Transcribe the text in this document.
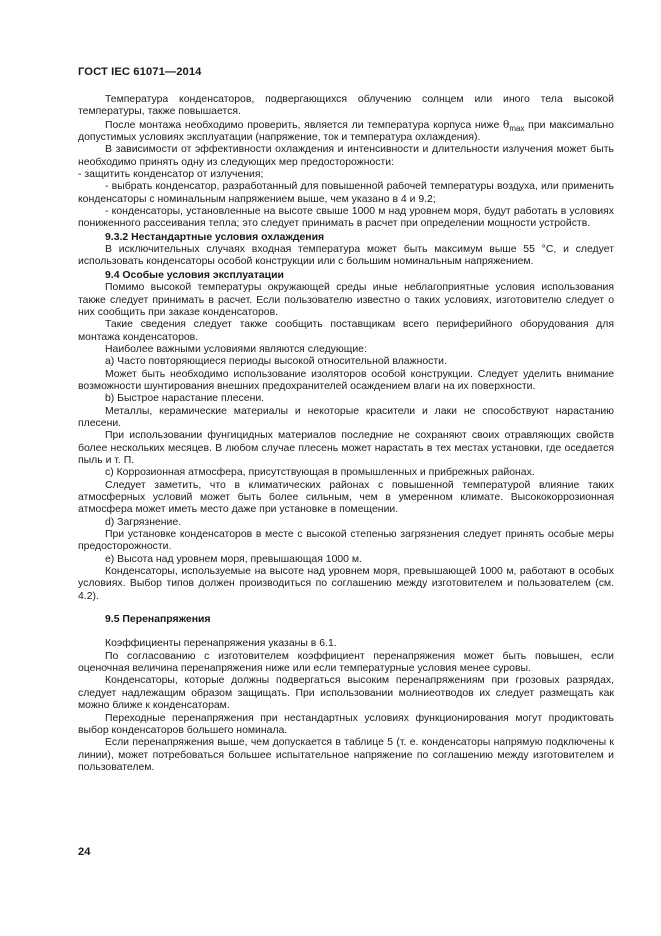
ГОСТ IEC 61071—2014

Температура конденсаторов, подвергающихся облучению солнцем или иного тела высокой температуры, также повышается.

После монтажа необходимо проверить, является ли температура корпуса ниже $\theta_{max}$ при максимально допустимых условиях эксплуатации (напряжение, ток и температура охлаждения).

В зависимости от эффективности охлаждения и интенсивности и длительности излучения может быть необходимо принять одну из следующих мер предосторожности:

- защитить конденсатор от излучения;

- выбрать конденсатор, разработанный для повышенной рабочей температуры воздуха, или применить конденсаторы с номинальным напряжением выше, чем указано в 4 и 9.2;

- конденсаторы, установленные на высоте свыше 1000 м над уровнем моря, будут работать в условиях пониженного рассеивания тепла; это следует принимать в расчет при определении мощности устройств.

9.3.2 Нестандартные условия охлаждения

В исключительных случаях входная температура может быть максимум выше 55 °С, и следует использовать конденсаторы особой конструкции или с большим номинальным напряжением.

9.4 Особые условия эксплуатации

Помимо высокой температуры окружающей среды иные неблагоприятные условия использования также следует принимать в расчет. Если пользователю известно о таких условиях, изготовителю следует о них сообщить при заказе конденсаторов.

Такие сведения следует также сообщить поставщикам всего периферийного оборудования для монтажа конденсаторов.

Наиболее важными условиями являются следующие:

а) Часто повторяющиеся периоды высокой относительной влажности.

Может быть необходимо использование изоляторов особой конструкции. Следует уделить внимание возможности шунтирования внешних предохранителей осаждением влаги на их поверхности.

b) Быстрое нарастание плесени.

Металлы, керамические материалы и некоторые красители и лаки не способствуют нарастанию плесени.

При использовании фунгицидных материалов последние не сохраняют своих отравляющих свойств более нескольких месяцев. В любом случае плесень может нарастать в тех местах установки, где оседается пыль и т. П.

с) Коррозионная атмосфера, присутствующая в промышленных и прибрежных районах.

Следует заметить, что в климатических районах с повышенной температурой влияние таких атмосферных условий может быть более сильным, чем в умеренном климате. Высококоррозионная атмосфера может иметь место даже при установке в помещении.

d) Загрязнение.

При установке конденсаторов в месте с высокой степенью загрязнения следует принять особые меры предосторожности.

е) Высота над уровнем моря, превышающая 1000 м.

Конденсаторы, используемые на высоте над уровнем моря, превышающей 1000 м, работают в особых условиях. Выбор типов должен производиться по соглашению между изготовителем и пользователем (см. 4.2).

9.5 Перенапряжения

Коэффициенты перенапряжения указаны в 6.1.

По согласованию с изготовителем коэффициент перенапряжения может быть повышен, если оценочная величина перенапряжения ниже или если температурные условия менее суровы.

Конденсаторы, которые должны подвергаться высоким перенапряжениям при грозовых разрядах, следует надлежащим образом защищать. При использовании молниеотводов их следует размещать как можно ближе к конденсаторам.

Переходные перенапряжения при нестандартных условиях функционирования могут продиктовать выбор конденсаторов большего номинала.

Если перенапряжения выше, чем допускается в таблице 5 (т. е. конденсаторы напрямую подключены к линии), может потребоваться большее испытательное напряжение по соглашению между изготовителем и пользователем.

24
